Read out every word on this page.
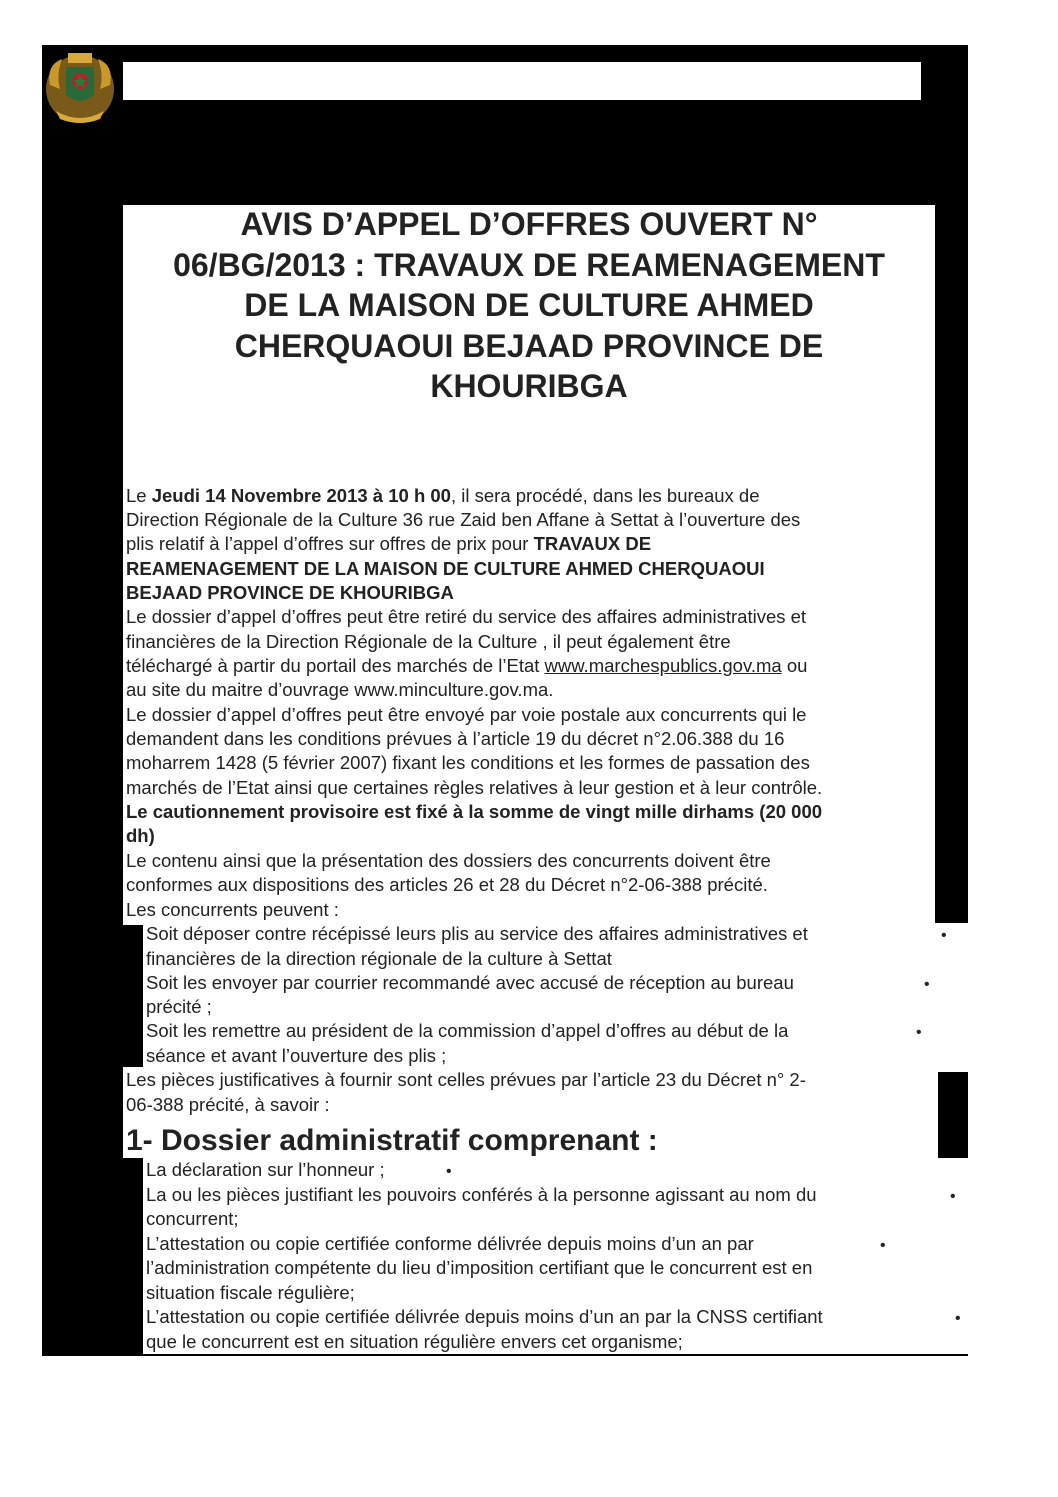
AVIS D’APPEL D’OFFRES OUVERT N°
06/BG/2013 : TRAVAUX DE REAMENAGEMENT
DE LA MAISON DE CULTURE AHMED
CHERQUAOUI BEJAAD PROVINCE DE
KHOURIBGA

Le Jeudi 14 Novembre 2013 à 10 h 00, il sera procédé, dans les bureaux de

Direction Régionale de la Culture 36 rue Zaid ben Affane à Settat à l’ouverture des

plis relatif à l’appel d’offres sur offres de prix pour TRAVAUX DE

REAMENAGEMENT DE LA MAISON DE CULTURE AHMED CHERQUAOUI

BEJAAD PROVINCE DE KHOURIBGA

Le dossier d’appel d’offres peut être retiré du service des affaires administratives et

financières de la Direction Régionale de la Culture , il peut également être

téléchargé à partir du portail des marchés de l’Etat www.marchespublics.gov.ma ou

au site du maitre d’ouvrage www.minculture.gov.ma.

Le dossier d’appel d’offres peut être envoyé par voie postale aux concurrents qui le

demandent dans les conditions prévues à l’article 19 du décret n°2.06.388 du 16

moharrem 1428 (5 février 2007) fixant les conditions et les formes de passation des

marchés de l’Etat ainsi que certaines règles relatives à leur gestion et à leur contrôle.

Le cautionnement provisoire est fixé à la somme de vingt mille dirhams (20 000

dh)

Le contenu ainsi que la présentation des dossiers des concurrents doivent être

conformes aux dispositions des articles 26 et 28 du Décret n°2-06-388 précité.

Les concurrents peuvent :

Soit déposer contre récépissé leurs plis au service des affaires administratives et	•

financières de la direction régionale de la culture à Settat

Soit les envoyer par courrier recommandé avec accusé de réception au bureau	•

précité ;

Soit les remettre au président de la commission d’appel d’offres au début de la	•

séance et avant l’ouverture des plis ;

Les pièces justificatives à fournir sont celles prévues par l’article 23 du Décret n° 2-

06-388 précité, à savoir :

1- Dossier administratif comprenant :

La déclaration sur l’honneur ;	•

La ou les pièces justifiant les pouvoirs conférés à la personne agissant au nom du	•

concurrent;

L’attestation ou copie certifiée conforme délivrée depuis moins d’un an par	•

l’administration compétente du lieu d’imposition certifiant que le concurrent est en

situation fiscale régulière;

L’attestation ou copie certifiée délivrée depuis moins d’un an par la CNSS certifiant	•

que le concurrent est en situation régulière envers cet organisme;
